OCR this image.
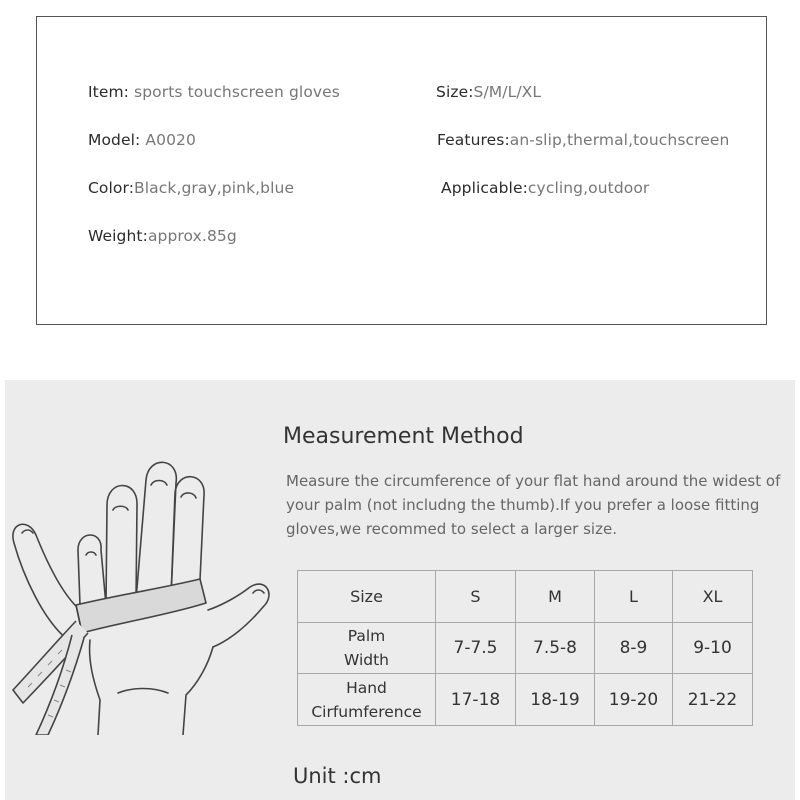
Item: sports touchscreen gloves	Size:S/M/L/XL
Model: A0020	Features:an-slip,thermal,touchscreen
Color:Black,gray,pink,blue	Applicable:cycling,outdoor
Weight:approx.85g
Measurement Method
Measure the circumference of your flat hand around the widest of your palm (not includng the thumb).If you prefer a loose fitting gloves,we recommed to select a larger size.
Size	S	M	L	XL
Palm
Width	7-7.5	7.5-8	8-9	9-10
Hand
Cirfumference	17-18	18-19	19-20	21-22
Unit :cm
